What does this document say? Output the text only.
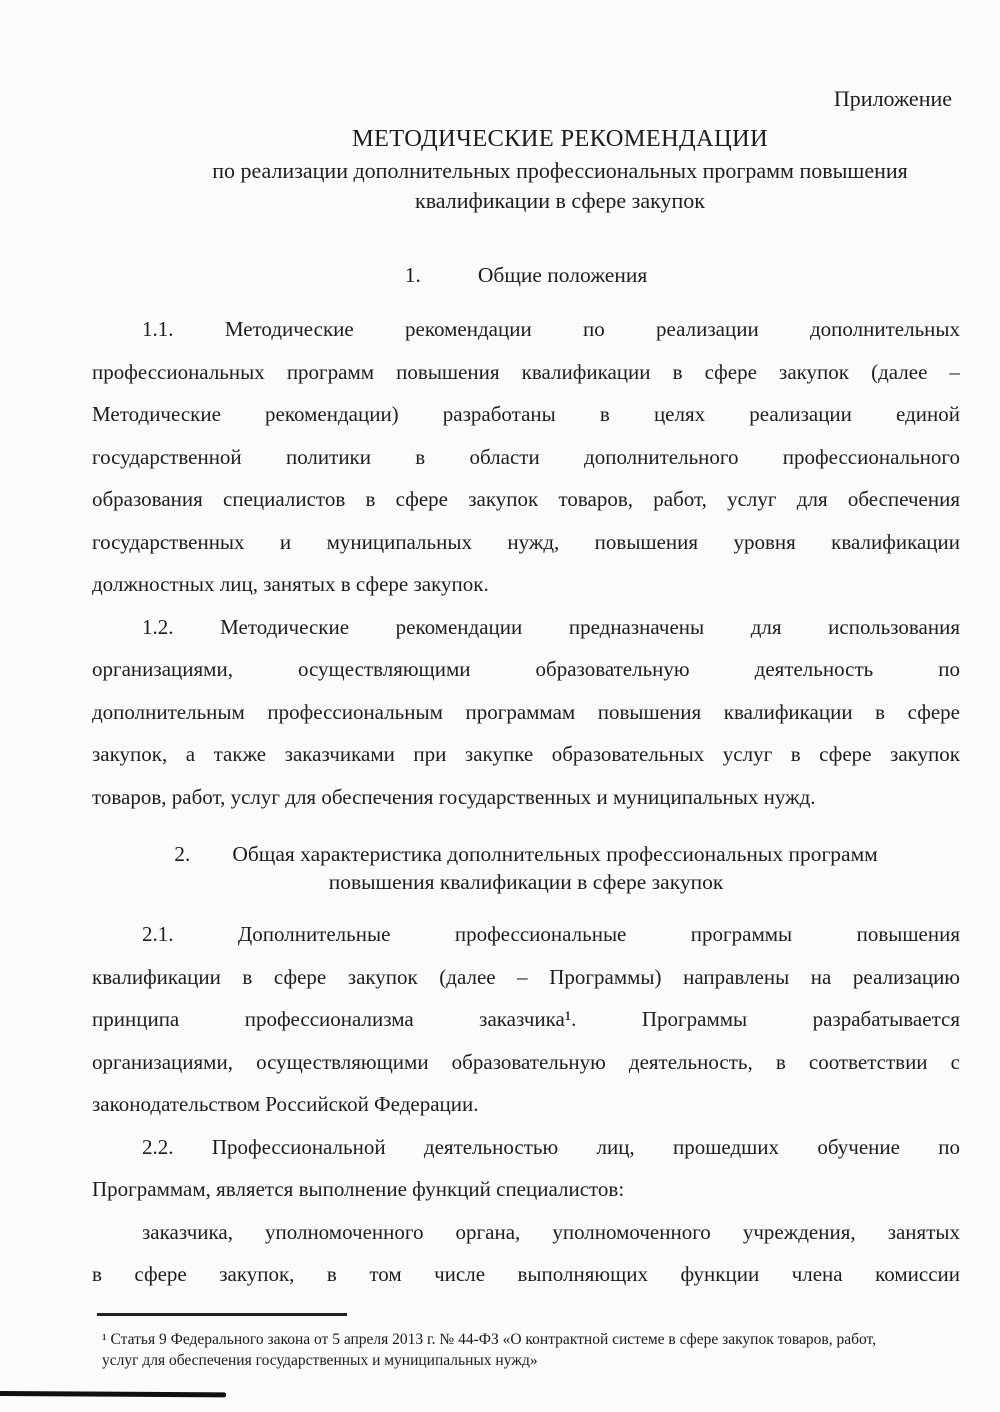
Приложение
МЕТОДИЧЕСКИЕ РЕКОМЕНДАЦИИ
по реализации дополнительных профессиональных программ повышения
квалификации в сфере закупок
1.	Общие положения
1.1. Методические рекомендации по реализации дополнительных
профессиональных программ повышения квалификации в сфере закупок (далее –
Методические рекомендации) разработаны в целях реализации единой
государственной политики в области дополнительного профессионального
образования специалистов в сфере закупок товаров, работ, услуг для обеспечения
государственных и муниципальных нужд, повышения уровня квалификации
должностных лиц, занятых в сфере закупок.
1.2. Методические рекомендации предназначены для использования
организациями, осуществляющими образовательную деятельность по
дополнительным профессиональным программам повышения квалификации в сфере
закупок, а также заказчиками при закупке образовательных услуг в сфере закупок
товаров, работ, услуг для обеспечения государственных и муниципальных нужд.
2. Общая характеристика дополнительных профессиональных программ
повышения квалификации в сфере закупок
2.1. Дополнительные профессиональные программы повышения
квалификации в сфере закупок (далее – Программы) направлены на реализацию
принципа профессионализма заказчика¹. Программы разрабатывается
организациями, осуществляющими образовательную деятельность, в соответствии с
законодательством Российской Федерации.
2.2. Профессиональной деятельностью лиц, прошедших обучение по
Программам, является выполнение функций специалистов:
заказчика, уполномоченного органа, уполномоченного учреждения, занятых
в сфере закупок, в том числе выполняющих функции члена комиссии
¹ Статья 9 Федерального закона от 5 апреля 2013 г. № 44-ФЗ «О контрактной системе в сфере закупок товаров, работ,
услуг для обеспечения государственных и муниципальных нужд»
